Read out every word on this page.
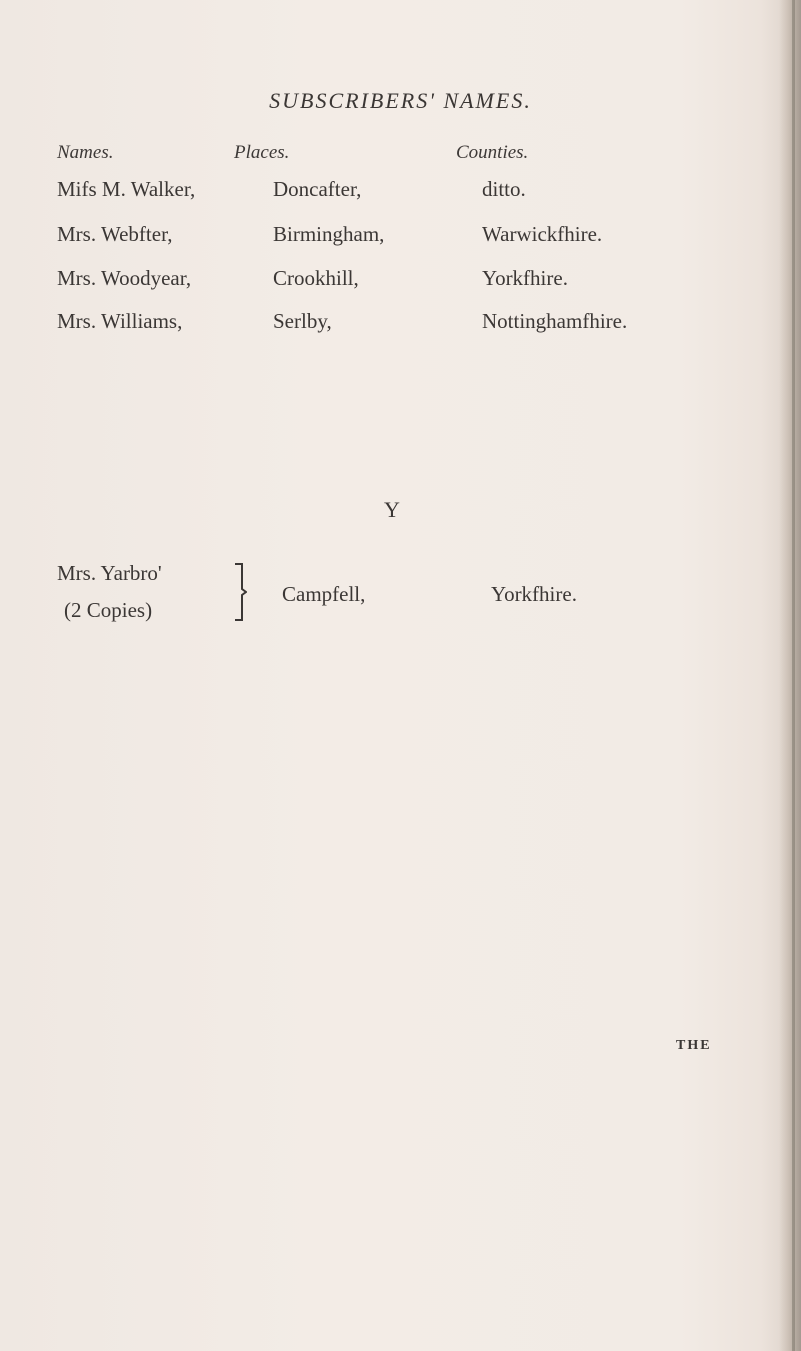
SUBSCRIBERS' NAMES.
Names.	Places.	Counties.
Mifs M. Walker,	Doncafter,	ditto.
Mrs. Webfter,	Birmingham,	Warwickfhire.
Mrs. Woodyear,	Crookhill,	Yorkfhire.
Mrs. Williams,	Serlby,	Nottinghamfhire.
Y
Mrs. Yarbro'
(2 Copies)
Campfell,	Yorkfhire.
THE
